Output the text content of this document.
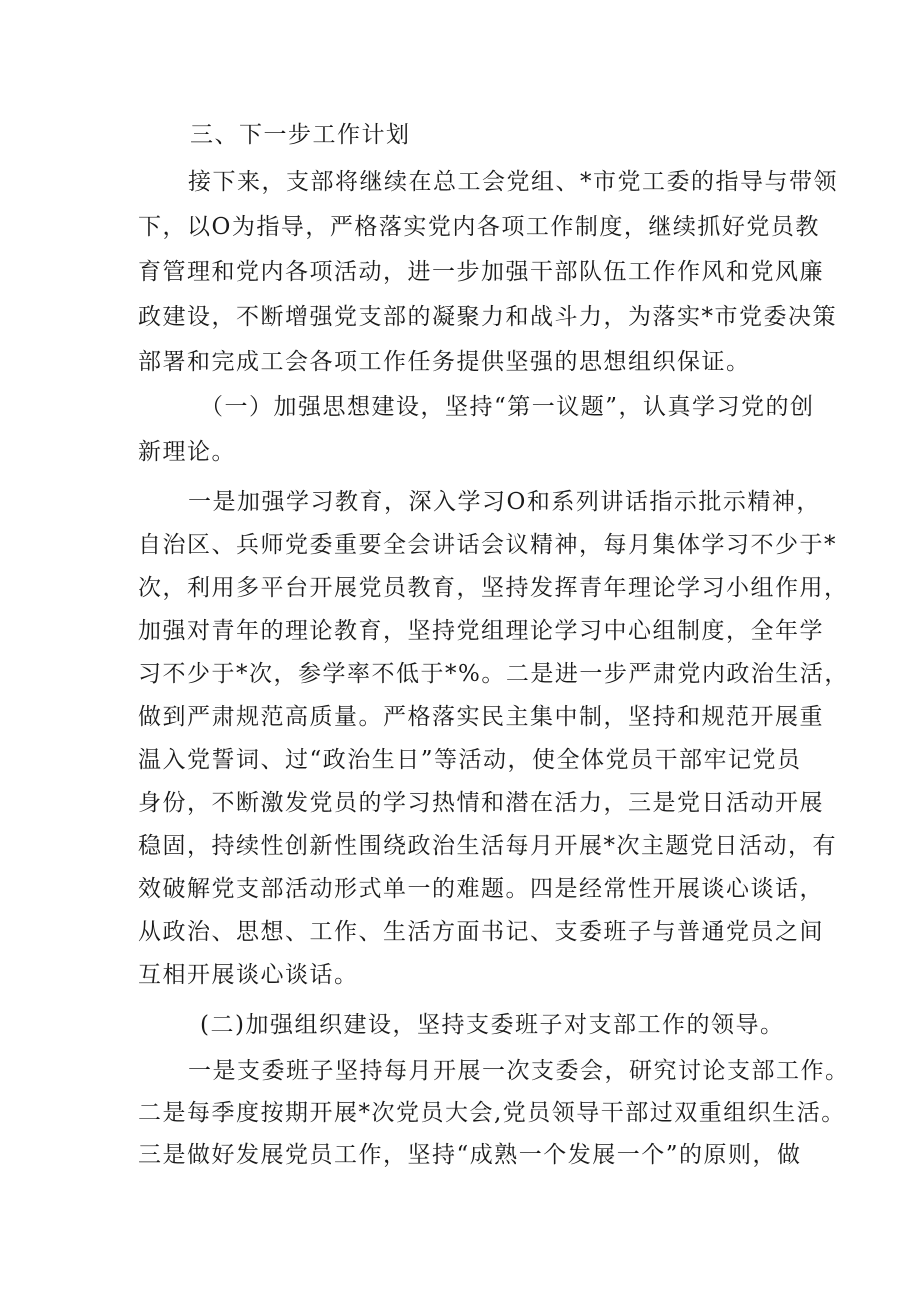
三、下一步工作计划

接下来，支部将继续在总工会党组、*市党工委的指导与带领

下，以O为指导，严格落实党内各项工作制度，继续抓好党员教

育管理和党内各项活动，进一步加强干部队伍工作作风和党风廉

政建设，不断增强党支部的凝聚力和战斗力，为落实*市党委决策

部署和完成工会各项工作任务提供坚强的思想组织保证。

（一）加强思想建设，坚持“第一议题”，认真学习党的创

新理论。

一是加强学习教育，深入学习O和系列讲话指示批示精神，

自治区、兵师党委重要全会讲话会议精神，每月集体学习不少于*

次，利用多平台开展党员教育，坚持发挥青年理论学习小组作用，

加强对青年的理论教育，坚持党组理论学习中心组制度，全年学

习不少于*次，参学率不低于*%。二是进一步严肃党内政治生活，

做到严肃规范高质量。严格落实民主集中制，坚持和规范开展重

温入党誓词、过“政治生日”等活动，使全体党员干部牢记党员

身份，不断激发党员的学习热情和潜在活力，三是党日活动开展

稳固，持续性创新性围绕政治生活每月开展*次主题党日活动，有

效破解党支部活动形式单一的难题。四是经常性开展谈心谈话，

从政治、思想、工作、生活方面书记、支委班子与普通党员之间

互相开展谈心谈话。

(二)加强组织建设，坚持支委班子对支部工作的领导。

一是支委班子坚持每月开展一次支委会，研究讨论支部工作。

二是每季度按期开展*次党员大会,党员领导干部过双重组织生活。

三是做好发展党员工作，坚持“成熟一个发展一个”的原则，做
